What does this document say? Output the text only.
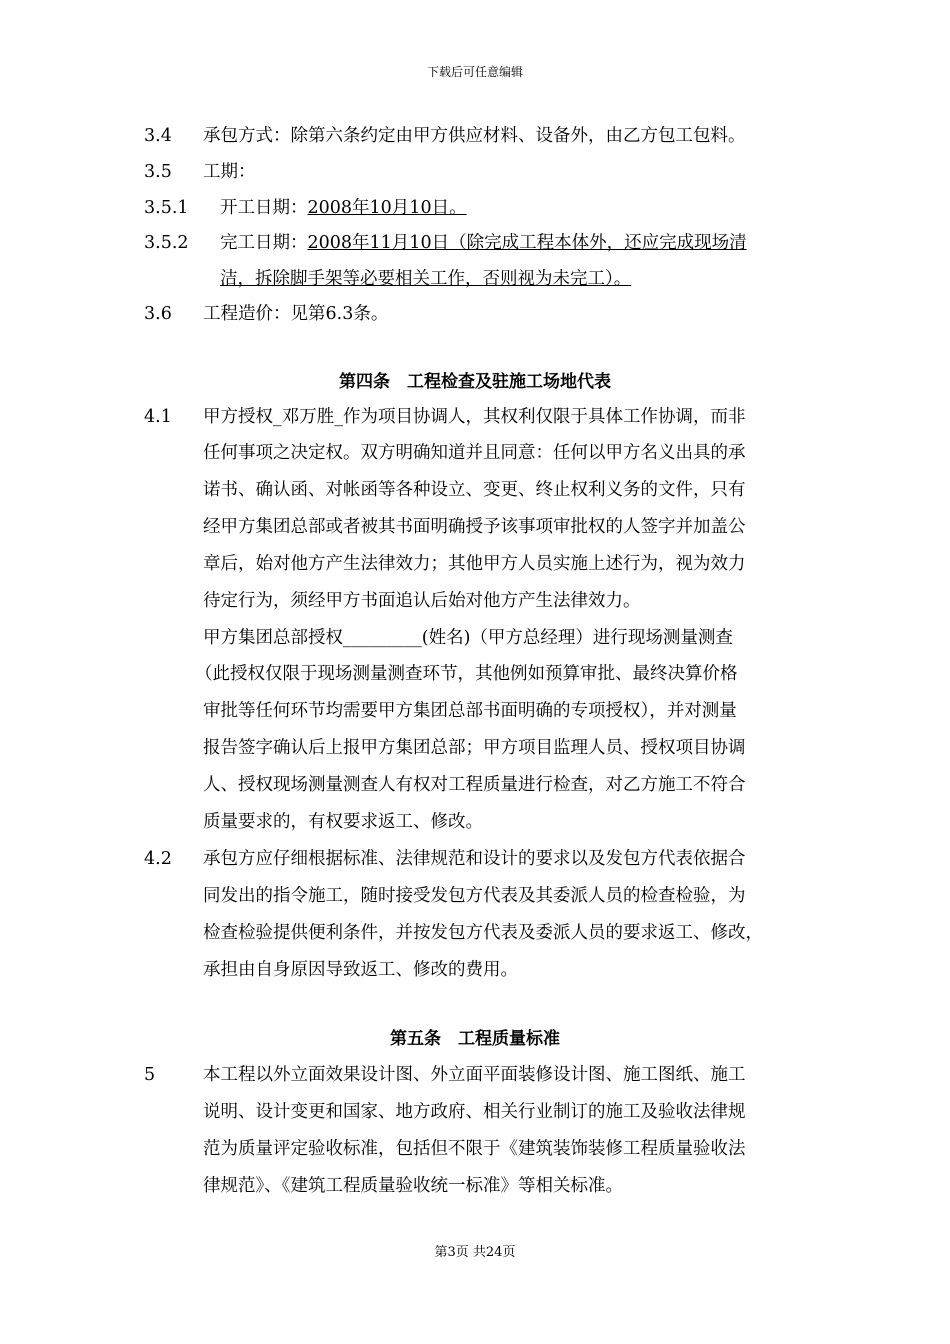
下载后可任意编辑
3.4 承包方式：除第六条约定由甲方供应材料、设备外，由乙方包工包料。
3.5 工期：
3.5.1 开工日期：2008年10月10日。
3.5.2 完工日期：2008年11月10日（除完成工程本体外，还应完成现场清
洁，拆除脚手架等必要相关工作，否则视为未完工）。
3.6 工程造价：见第6.3条。
第四条　工程检查及驻施工场地代表
4.1 甲方授权_邓万胜_作为项目协调人，其权利仅限于具体工作协调，而非
任何事项之决定权。双方明确知道并且同意：任何以甲方名义出具的承
诺书、确认函、对帐函等各种设立、变更、终止权利义务的文件，只有
经甲方集团总部或者被其书面明确授予该事项审批权的人签字并加盖公
章后，始对他方产生法律效力；其他甲方人员实施上述行为，视为效力
待定行为，须经甲方书面追认后始对他方产生法律效力。
甲方集团总部授权_________(姓名)（甲方总经理）进行现场测量测查
（此授权仅限于现场测量测查环节，其他例如预算审批、最终决算价格
审批等任何环节均需要甲方集团总部书面明确的专项授权），并对测量
报告签字确认后上报甲方集团总部；甲方项目监理人员、授权项目协调
人、授权现场测量测查人有权对工程质量进行检查，对乙方施工不符合
质量要求的，有权要求返工、修改。
4.2 承包方应仔细根据标准、法律规范和设计的要求以及发包方代表依据合
同发出的指令施工，随时接受发包方代表及其委派人员的检查检验，为
检查检验提供便利条件，并按发包方代表及委派人员的要求返工、修改，
承担由自身原因导致返工、修改的费用。
第五条　工程质量标准
5	本工程以外立面效果设计图、外立面平面装修设计图、施工图纸、施工
说明、设计变更和国家、地方政府、相关行业制订的施工及验收法律规
范为质量评定验收标准，包括但不限于《建筑装饰装修工程质量验收法
律规范》、《建筑工程质量验收统一标准》等相关标准。
第3页 共24页
